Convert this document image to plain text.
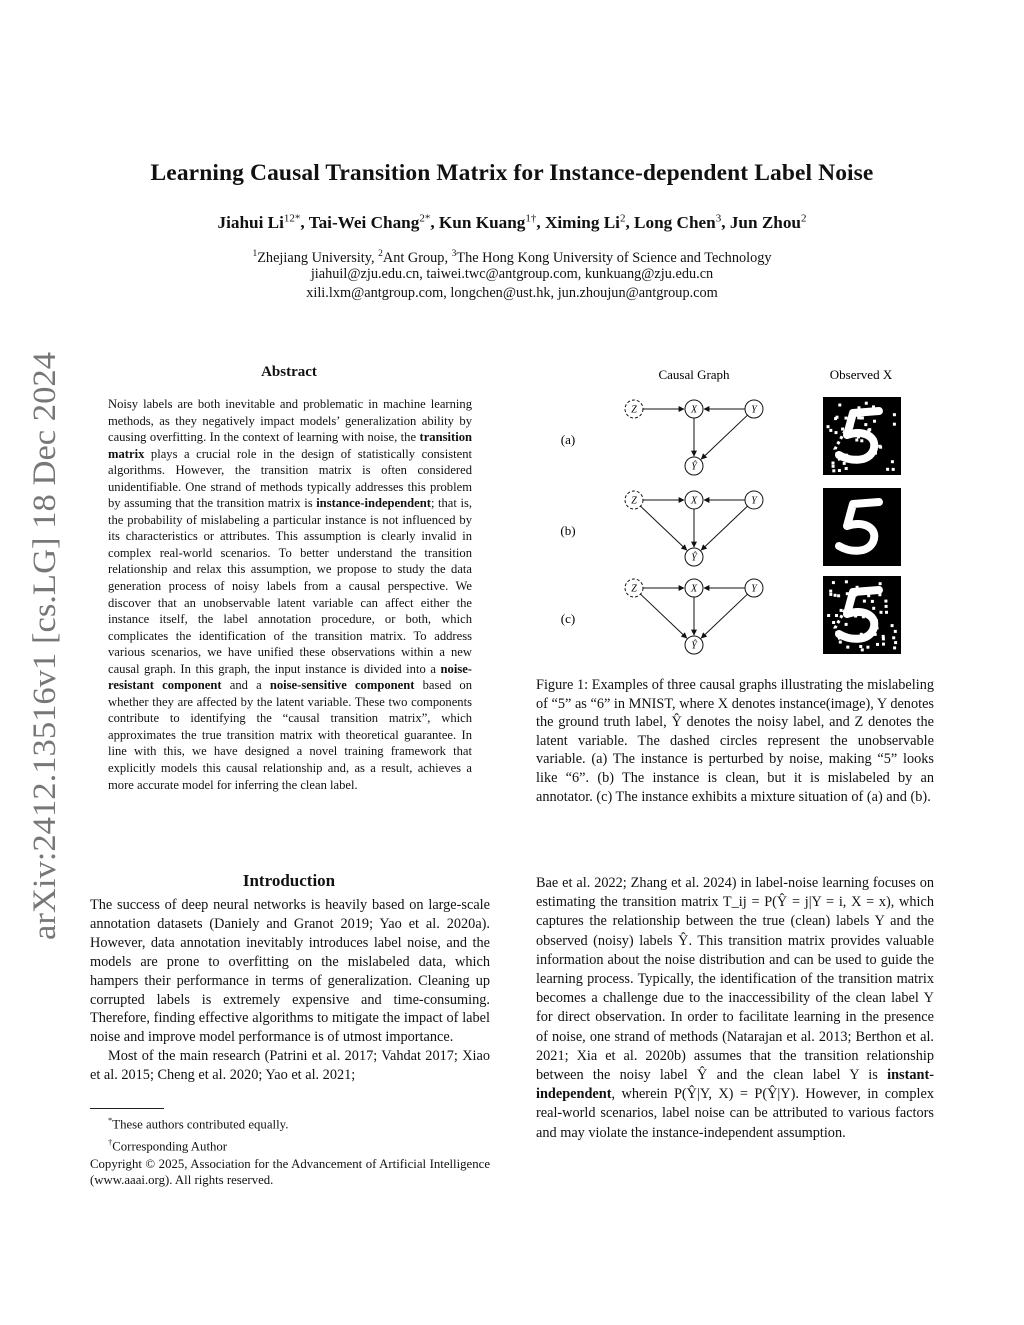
arXiv:2412.13516v1 [cs.LG] 18 Dec 2024
Learning Causal Transition Matrix for Instance-dependent Label Noise
Jiahui $Li^{12*}$, Tai-Wei Chang$^{2*}$, Kun Kuang$^{1\dagger}$, Ximing Li$^2$, Long Chen$^3$, Jun Zhou$^2$
$^1$Zhejiang University, $^2$Ant Group, $^3$The Hong Kong University of Science and Technology
jiahuil@zju.edu.cn, taiwei.twc@antgroup.com, kunkuang@zju.edu.cn
xili.lxm@antgroup.com, longchen@ust.hk, jun.zhoujun@antgroup.com
Abstract
Noisy labels are both inevitable and problematic in machine learning methods, as they negatively impact models’ generalization ability by causing overfitting. In the context of learning with noise, the transition matrix plays a crucial role in the design of statistically consistent algorithms. However, the transition matrix is often considered unidentifiable. One strand of methods typically addresses this problem by assuming that the transition matrix is instance-independent; that is, the probability of mislabeling a particular instance is not influenced by its characteristics or attributes. This assumption is clearly invalid in complex real-world scenarios. To better understand the transition relationship and relax this assumption, we propose to study the data generation process of noisy labels from a causal perspective. We discover that an unobservable latent variable can affect either the instance itself, the label annotation procedure, or both, which complicates the identification of the transition matrix. To address various scenarios, we have unified these observations within a new causal graph. In this graph, the input instance is divided into a noise-resistant component and a noise-sensitive component based on whether they are affected by the latent variable. These two components contribute to identifying the “causal transition matrix”, which approximates the true transition matrix with theoretical guarantee. In line with this, we have designed a novel training framework that explicitly models this causal relationship and, as a result, achieves a more accurate model for inferring the clean label.
Introduction

The success of deep neural networks is heavily based on large-scale annotation datasets (Daniely and Granot 2019; Yao et al. 2020a). However, data annotation inevitably introduces label noise, and the models are prone to overfitting on the mislabeled data, which hampers their performance in terms of generalization. Cleaning up corrupted labels is extremely expensive and time-consuming. Therefore, finding effective algorithms to mitigate the impact of label noise and improve model performance is of utmost importance.

Most of the main research (Patrini et al. 2017; Vahdat 2017; Xiao et al. 2015; Cheng et al. 2020; Yao et al. 2021;

*These authors contributed equally.

†Corresponding Author

Copyright © 2025, Association for the Advancement of Artificial Intelligence (www.aaai.org). All rights reserved.

Causal Graph	Observed X
(a)
Z	X	Y
Ŷ
(b)
Z	X	Y
Ŷ
(c)
Z	X	Y
Ŷ
Figure 1: Examples of three causal graphs illustrating the mislabeling of “5” as “6” in MNIST, where X denotes instance(image), Y denotes the ground truth label, Ŷ denotes the noisy label, and Z denotes the latent variable. The dashed circles represent the unobservable variable. (a) The instance is perturbed by noise, making “5” looks like “6”. (b) The instance is clean, but it is mislabeled by an annotator. (c) The instance exhibits a mixture situation of (a) and (b).
Bae et al. 2022; Zhang et al. 2024) in label-noise learning focuses on estimating the transition matrix T_ij = P(Ŷ = j|Y = i, X = x), which captures the relationship between the true (clean) labels Y and the observed (noisy) labels Ŷ. This transition matrix provides valuable information about the noise distribution and can be used to guide the learning process. Typically, the identification of the transition matrix becomes a challenge due to the inaccessibility of the clean label Y for direct observation. In order to facilitate learning in the presence of noise, one strand of methods (Natarajan et al. 2013; Berthon et al. 2021; Xia et al. 2020b) assumes that the transition relationship between the noisy label Ŷ and the clean label Y is instant-independent, wherein P(Ŷ|Y, X) = P(Ŷ|Y). However, in complex real-world scenarios, label noise can be attributed to various factors and may violate the instance-independent assumption.
